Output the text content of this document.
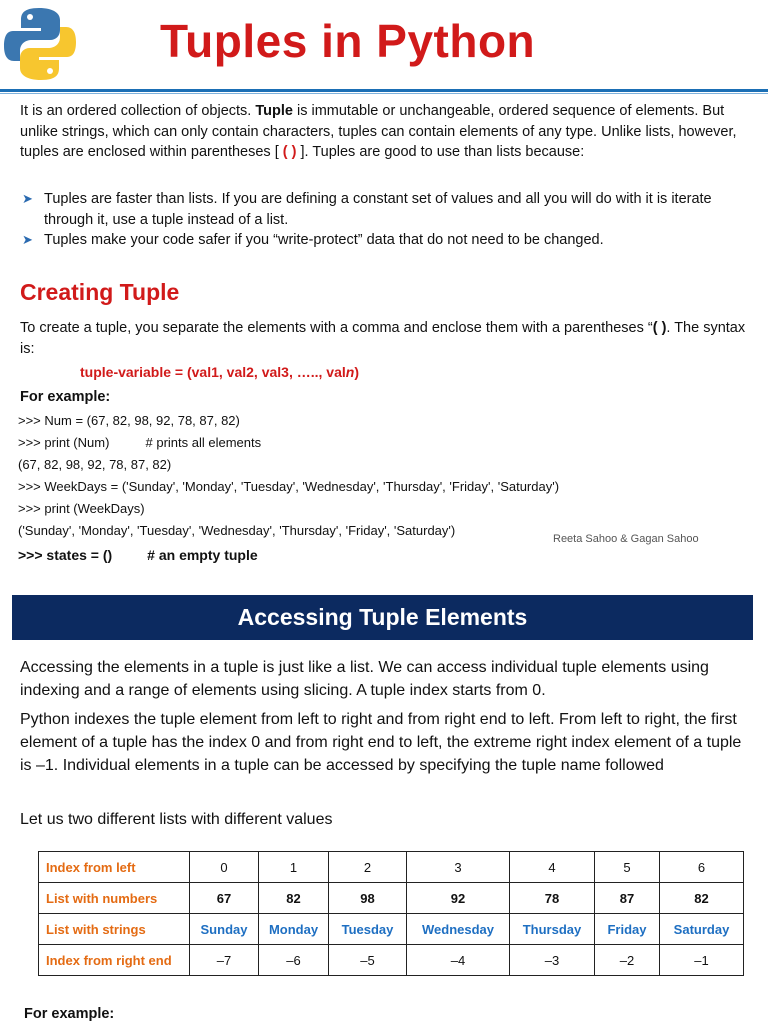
Tuples in Python

It is an ordered collection of objects. Tuple is immutable or unchangeable, ordered sequence of elements. But unlike strings, which can only contain characters, tuples can contain elements of any type. Unlike lists, however, tuples are enclosed within parentheses [ ( ) ]. Tuples are good to use than lists because:

➤ Tuples are faster than lists. If you are defining a constant set of values and all you will do with it is iterate through it, use a tuple instead of a list.
➤ Tuples make your code safer if you “write-protect” data that do not need to be changed.
Creating Tuple

To create a tuple, you separate the elements with a comma and enclose them with a parentheses “( ). The syntax is:

tuple-variable = (val1, val2, val3, ….., valn)

For example:

>>> Num = (67, 82, 98, 92, 78, 87, 82)

>>> print (Num)          # prints all elements

(67, 82, 98, 92, 78, 87, 82)

>>> WeekDays = ('Sunday', 'Monday', 'Tuesday', 'Wednesday', 'Thursday', 'Friday', 'Saturday')

>>> print (WeekDays)

('Sunday', 'Monday', 'Tuesday', 'Wednesday', 'Thursday', 'Friday', 'Saturday')

>>> states = ()         # an empty tuple

Reeta Sahoo & Gagan Sahoo
Accessing Tuple Elements

Accessing the elements in a tuple is just like a list. We can access individual tuple elements using indexing and a range of elements using slicing. A tuple index starts from 0.

Python indexes the tuple element from left to right and from right end to left. From left to right, the first element of a tuple has the index 0 and from right end to left, the extreme right index element of a tuple is –1. Individual elements in a tuple can be accessed by specifying the tuple name followed

Let us two different lists with different values

Index from left	0	1	2	3	4	5	6
List with numbers	67	82	98	92	78	87	82
List with strings	Sunday	Monday	Tuesday	Wednesday	Thursday	Friday	Saturday
Index from right end	–7	–6	–5	–4	–3	–2	–1

For example:
